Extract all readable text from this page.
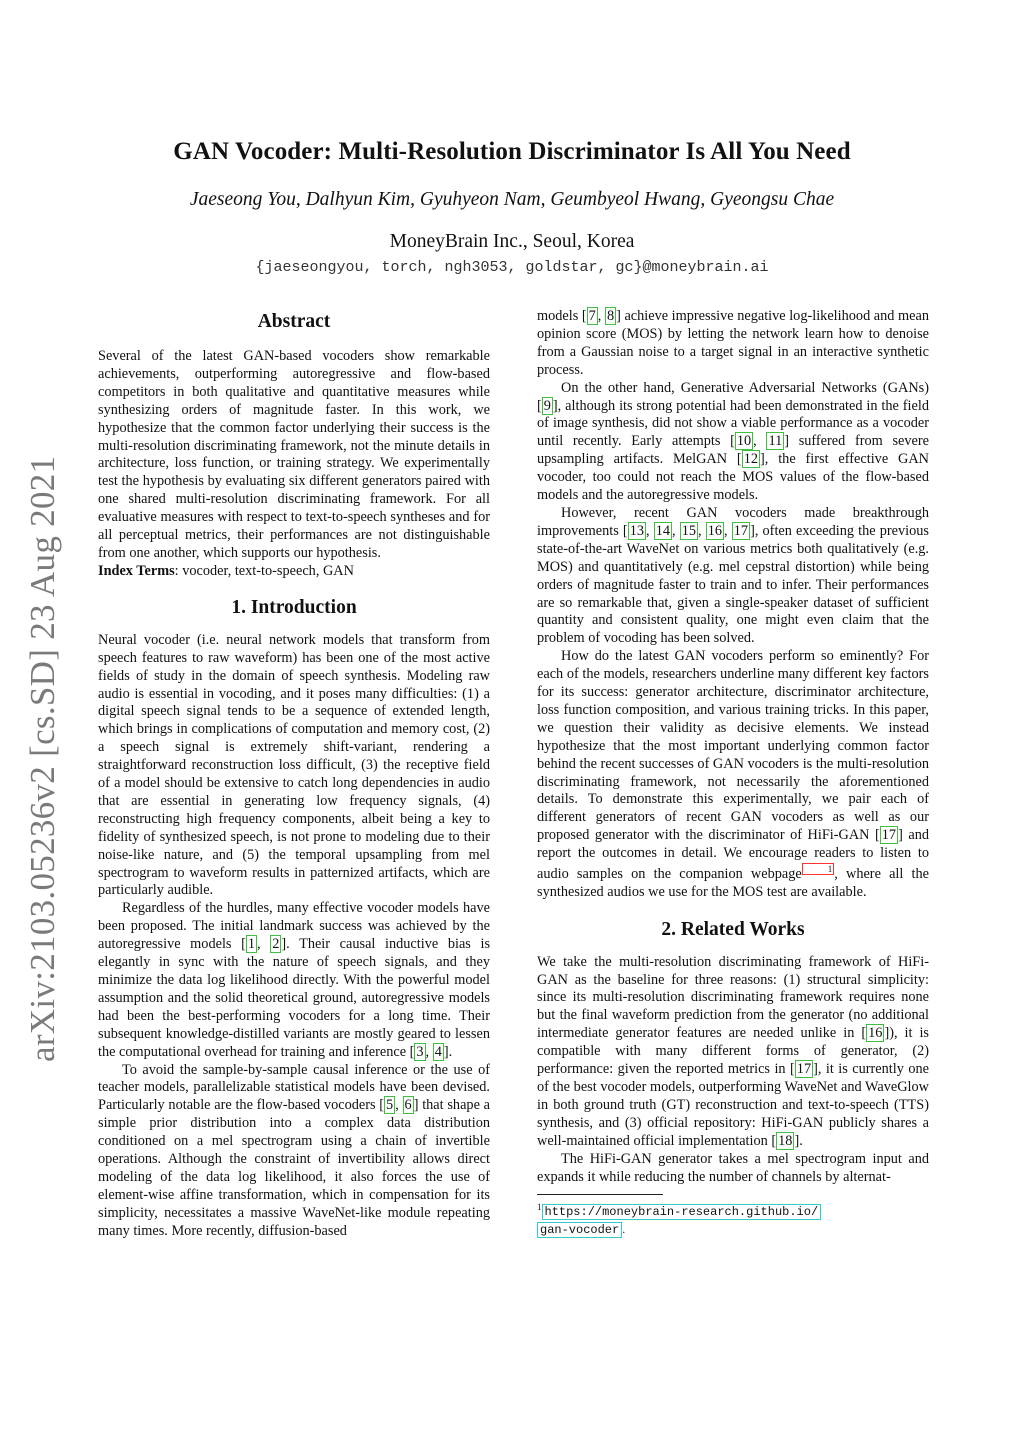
arXiv:2103.05236v2 [cs.SD] 23 Aug 2021
GAN Vocoder: Multi-Resolution Discriminator Is All You Need
Jaeseong You, Dalhyun Kim, Gyuhyeon Nam, Geumbyeol Hwang, Gyeongsu Chae
MoneyBrain Inc., Seoul, Korea
{jaeseongyou, torch, ngh3053, goldstar, gc}@moneybrain.ai
Abstract

Several of the latest GAN-based vocoders show remarkable achievements, outperforming autoregressive and flow-based competitors in both qualitative and quantitative measures while synthesizing orders of magnitude faster. In this work, we hypothesize that the common factor underlying their success is the multi-resolution discriminating framework, not the minute details in architecture, loss function, or training strategy. We experimentally test the hypothesis by evaluating six different generators paired with one shared multi-resolution discriminating framework. For all evaluative measures with respect to text-to-speech syntheses and for all perceptual metrics, their performances are not distinguishable from one another, which supports our hypothesis.

Index Terms: vocoder, text-to-speech, GAN

1. Introduction

Neural vocoder (i.e. neural network models that transform from speech features to raw waveform) has been one of the most active fields of study in the domain of speech synthesis. Modeling raw audio is essential in vocoding, and it poses many difficulties: (1) a digital speech signal tends to be a sequence of extended length, which brings in complications of computation and memory cost, (2) a speech signal is extremely shift-variant, rendering a straightforward reconstruction loss difficult, (3) the receptive field of a model should be extensive to catch long dependencies in audio that are essential in generating low frequency signals, (4) reconstructing high frequency components, albeit being a key to fidelity of synthesized speech, is not prone to modeling due to their noise-like nature, and (5) the temporal upsampling from mel spectrogram to waveform results in patternized artifacts, which are particularly audible.

Regardless of the hurdles, many effective vocoder models have been proposed. The initial landmark success was achieved by the autoregressive models [ 1 , 2 ]. Their causal inductive bias is elegantly in sync with the nature of speech signals, and they minimize the data log likelihood directly. With the powerful model assumption and the solid theoretical ground, autoregressive models had been the best-performing vocoders for a long time. Their subsequent knowledge-distilled variants are mostly geared to lessen the computational overhead for training and inference [ 3 , 4 ].

To avoid the sample-by-sample causal inference or the use of teacher models, parallelizable statistical models have been devised. Particularly notable are the flow-based vocoders [ 5 , 6 ] that shape a simple prior distribution into a complex data distribution conditioned on a mel spectrogram using a chain of invertible operations. Although the constraint of invertibility allows direct modeling of the data log likelihood, it also forces the use of element-wise affine transformation, which in compensation for its simplicity, necessitates a massive WaveNet-like module repeating many times. More recently, diffusion-based

models [ 7 , 8 ] achieve impressive negative log-likelihood and mean opinion score (MOS) by letting the network learn how to denoise from a Gaussian noise to a target signal in an interactive synthetic process.

On the other hand, Generative Adversarial Networks (GANs) [ 9 ], although its strong potential had been demonstrated in the field of image synthesis, did not show a viable performance as a vocoder until recently. Early attempts [ 10 , 11 ] suffered from severe upsampling artifacts. MelGAN [ 12 ], the first effective GAN vocoder, too could not reach the MOS values of the flow-based models and the autoregressive models.

However, recent GAN vocoders made breakthrough improvements [ 13 , 14 , 15 , 16 , 17 ], often exceeding the previous state-of-the-art WaveNet on various metrics both qualitatively (e.g. MOS) and quantitatively (e.g. mel cepstral distortion) while being orders of magnitude faster to train and to infer. Their performances are so remarkable that, given a single-speaker dataset of sufficient quantity and consistent quality, one might even claim that the problem of vocoding has been solved.

How do the latest GAN vocoders perform so eminently? For each of the models, researchers underline many different key factors for its success: generator architecture, discriminator architecture, loss function composition, and various training tricks. In this paper, we question their validity as decisive elements. We instead hypothesize that the most important underlying common factor behind the recent successes of GAN vocoders is the multi-resolution discriminating framework, not necessarily the aforementioned details. To demonstrate this experimentally, we pair each of different generators of recent GAN vocoders as well as our proposed generator with the discriminator of HiFi-GAN [ 17 ] and report the outcomes in detail. We encourage readers to listen to audio samples on the companion webpage	1 , where all the synthesized audios we use for the MOS test are available.

2. Related Works

We take the multi-resolution discriminating framework of HiFi-GAN as the baseline for three reasons: (1) structural simplicity: since its multi-resolution discriminating framework requires none but the final waveform prediction from the generator (no additional intermediate generator features are needed unlike in [ 16 ]), it is compatible with many different forms of generator, (2) performance: given the reported metrics in [ 17 ], it is currently one of the best vocoder models, outperforming WaveNet and WaveGlow in both ground truth (GT) reconstruction and text-to-speech (TTS) synthesis, and (3) official repository: HiFi-GAN publicly shares a well-maintained official implementation [ 18 ].

The HiFi-GAN generator takes a mel spectrogram input and expands it while reducing the number of channels by alternat-

$^1$ https://moneybrain-research.github.io/
gan-vocoder .
